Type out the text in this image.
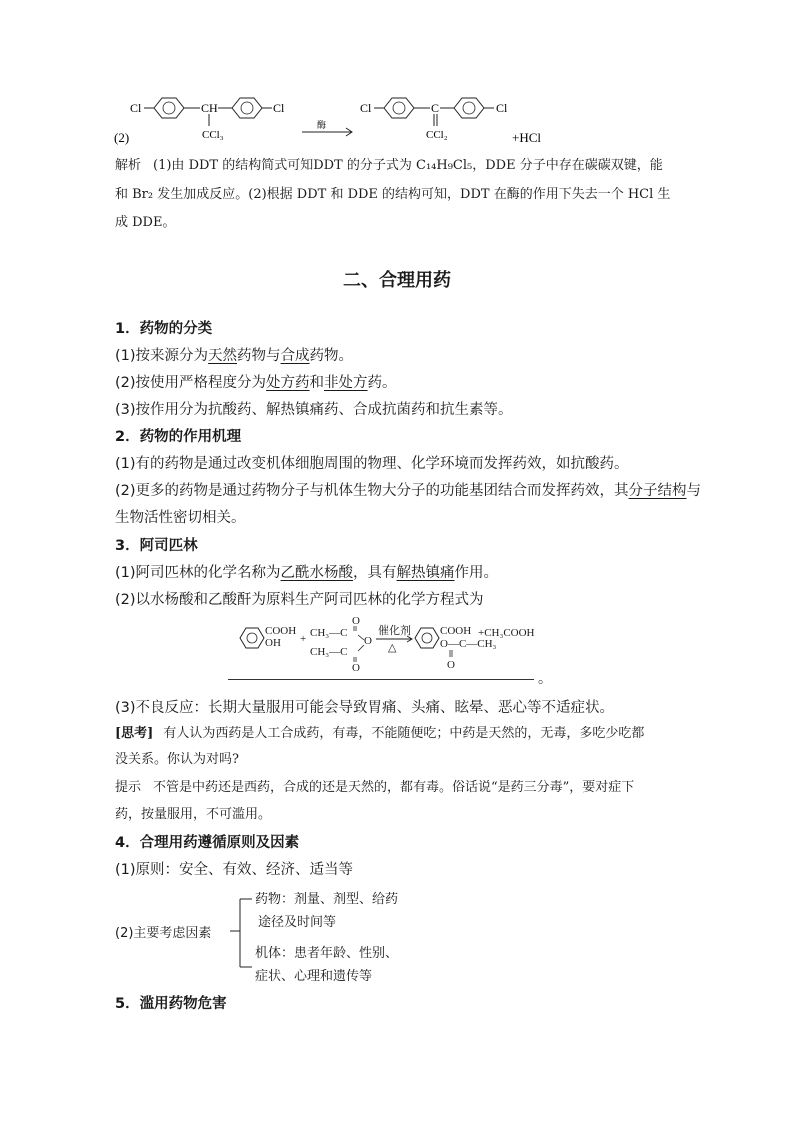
(2)
Cl	CH	Cl
CCl₃
酶
Cl	C	Cl
CCl₂	+HCl
解析 (1)由 DDT 的结构简式可知DDT 的分子式为 C₁₄H₉Cl₅，DDE 分子中存在碳碳双键，能
和 Br₂ 发生加成反应。(2)根据 DDT 和 DDE 的结构可知，DDT 在酶的作用下失去一个 HCl 生
成 DDE。
二、合理用药
1．药物的分类
(1)按来源分为天然药物与合成药物。
(2)按使用严格程度分为处方药和非处方药。
(3)按作用分为抗酸药、解热镇痛药、合成抗菌药和抗生素等。
2．药物的作用机理
(1)有的药物是通过改变机体细胞周围的物理、化学环境而发挥药效，如抗酸药。
(2)更多的药物是通过药物分子与机体生物大分子的功能基团结合而发挥药效，其分子结构与
生物活性密切相关。
3．阿司匹林
(1)阿司匹林的化学名称为乙酰水杨酸，具有解热镇痛作用。
(2)以水杨酸和乙酸酐为原料生产阿司匹林的化学方程式为
COOH
OH +
O
CH₃—C
O
CH₃—C
O
催化剂
△
COOH
O—C—CH₃
O
+CH₃COOH
。
(3)不良反应：长期大量服用可能会导致胃痛、头痛、眩晕、恶心等不适症状。
[思考] 有人认为西药是人工合成药，有毒，不能随便吃；中药是天然的，无毒，多吃少吃都
没关系。你认为对吗?
提示 不管是中药还是西药，合成的还是天然的，都有毒。俗话说“是药三分毒”，要对症下
药，按量服用，不可滥用。
4．合理用药遵循原则及因素
(1)原则：安全、有效、经济、适当等
(2)主要考虑因素
药物：剂量、剂型、给药
途径及时间等
机体：患者年龄、性别、
症状、心理和遗传等
5．滥用药物危害
